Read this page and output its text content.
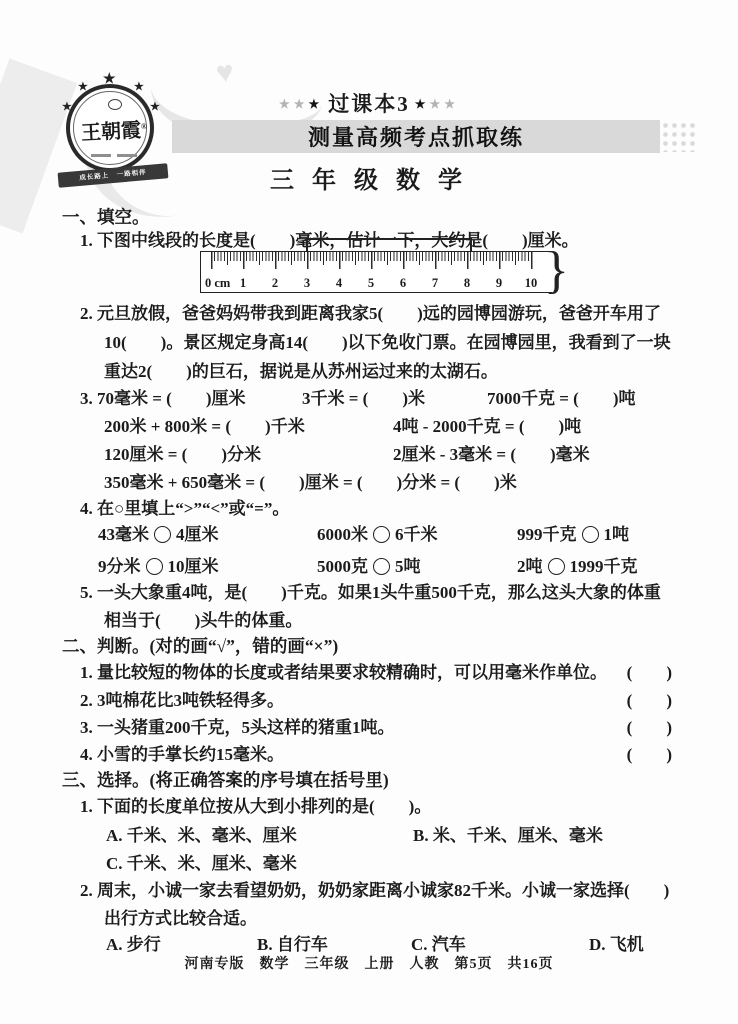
♥
★
★ ★ ★
★
王朝霞®
成长路上　一路相伴
★★★ 过课本3 ★★★
测量高频考点抓取练
三 年 级 数 学
一、填空。
1. 下图中线段的长度是(　　)毫米，估计一下，大约是(　　)厘米。
0 cm 1	2	3	4	5	6	7	8	9	10 }
2. 元旦放假，爸爸妈妈带我到距离我家5(　　)远的园博园游玩，爸爸开车用了
10(　　)。景区规定身高14(　　)以下免收门票。在园博园里，我看到了一块
重达2(　　)的巨石，据说是从苏州运过来的太湖石。
3. 70毫米 = (　　)厘米	3千米 = (　　)米	7000千克 = (　　)吨
200米 + 800米 = (　　)千米	4吨 - 2000千克 = (　　)吨
120厘米 = (　　)分米	2厘米 - 3毫米 = (　　)毫米
350毫米 + 650毫米 = (　　)厘米 = (　　)分米 = (　　)米
4. 在○里填上“>”“<”或“=”。
43毫米 4厘米	6000米 6千米	999千克 1吨
9分米 10厘米	5000克 5吨	2吨 1999千克
5. 一头大象重4吨，是(　　)千克。如果1头牛重500千克，那么这头大象的体重
相当于(　　)头牛的体重。
二、判断。(对的画“√”，错的画“×”)
1. 量比较短的物体的长度或者结果要求较精确时，可以用毫米作单位。 (　　)
2. 3吨棉花比3吨铁轻得多。	(　　)
3. 一头猪重200千克，5头这样的猪重1吨。	(　　)
4. 小雪的手掌长约15毫米。	(　　)
三、选择。(将正确答案的序号填在括号里)
1. 下面的长度单位按从大到小排列的是(　　)。
A. 千米、米、毫米、厘米	B. 米、千米、厘米、毫米
C. 千米、米、厘米、毫米
2. 周末，小诚一家去看望奶奶，奶奶家距离小诚家82千米。小诚一家选择(　　)
出行方式比较合适。
A. 步行	B. 自行车	C. 汽车	D. 飞机
河南专版　数学　三年级　上册　人教　第5页　共16页
